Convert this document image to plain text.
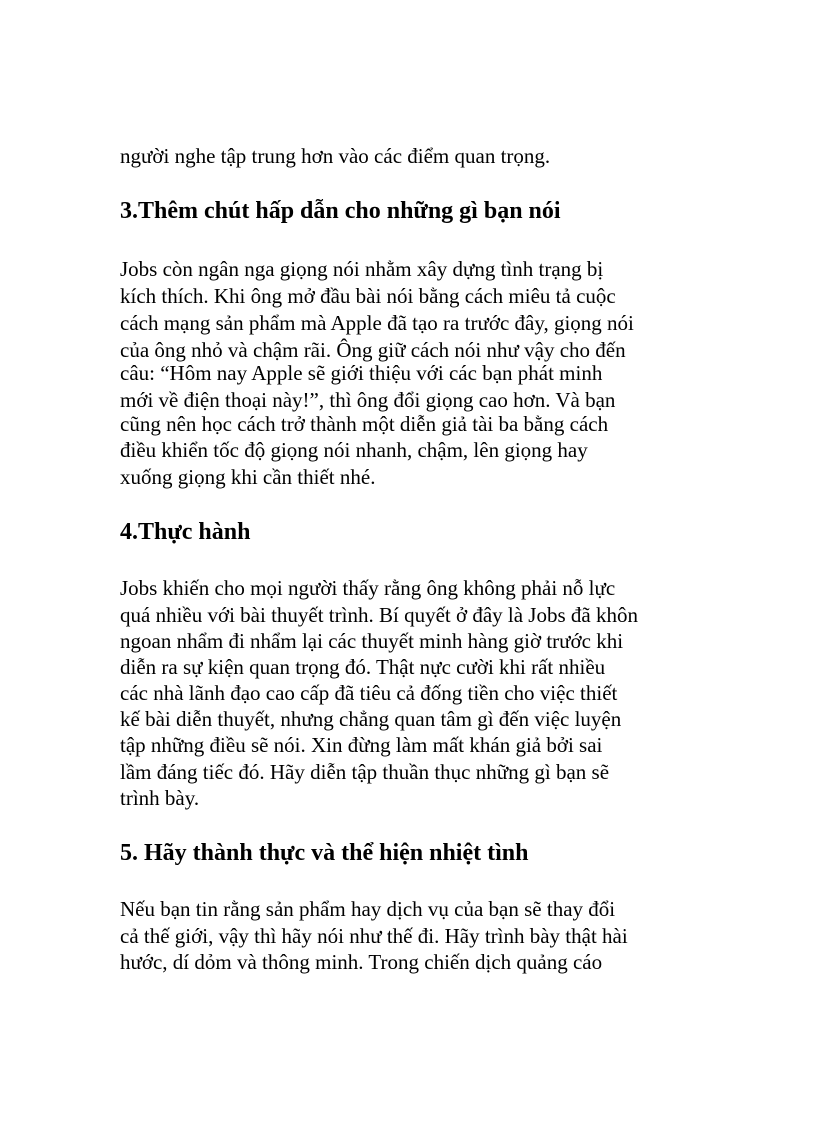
người nghe tập trung hơn vào các điểm quan trọng.
3.Thêm chút hấp dẫn cho những gì bạn nói
Jobs còn ngân nga giọng nói nhằm xây dựng tình trạng bị
kích thích. Khi ông mở đầu bài nói bằng cách miêu tả cuộc
cách mạng sản phẩm mà Apple đã tạo ra trước đây, giọng nói
của ông nhỏ và chậm rãi. Ông giữ cách nói như vậy cho đến
câu: “Hôm nay Apple sẽ giới thiệu với các bạn phát minh
mới về điện thoại này!”, thì ông đổi giọng cao hơn. Và bạn
cũng nên học cách trở thành một diễn giả tài ba bằng cách
điều khiển tốc độ giọng nói nhanh, chậm, lên giọng hay
xuống giọng khi cần thiết nhé.
4.Thực hành
Jobs khiến cho mọi người thấy rằng ông không phải nỗ lực
quá nhiều với bài thuyết trình. Bí quyết ở đây là Jobs đã khôn
ngoan nhẩm đi nhẩm lại các thuyết minh hàng giờ trước khi
diễn ra sự kiện quan trọng đó. Thật nực cười khi rất nhiều
các nhà lãnh đạo cao cấp đã tiêu cả đống tiền cho việc thiết
kế bài diễn thuyết, nhưng chẳng quan tâm gì đến việc luyện
tập những điều sẽ nói. Xin đừng làm mất khán giả bởi sai
lầm đáng tiếc đó. Hãy diễn tập thuần thục những gì bạn sẽ
trình bày.
5. Hãy thành thực và thể hiện nhiệt tình
Nếu bạn tin rằng sản phẩm hay dịch vụ của bạn sẽ thay đổi
cả thế giới, vậy thì hãy nói như thế đi. Hãy trình bày thật hài
hước, dí dỏm và thông minh. Trong chiến dịch quảng cáo
